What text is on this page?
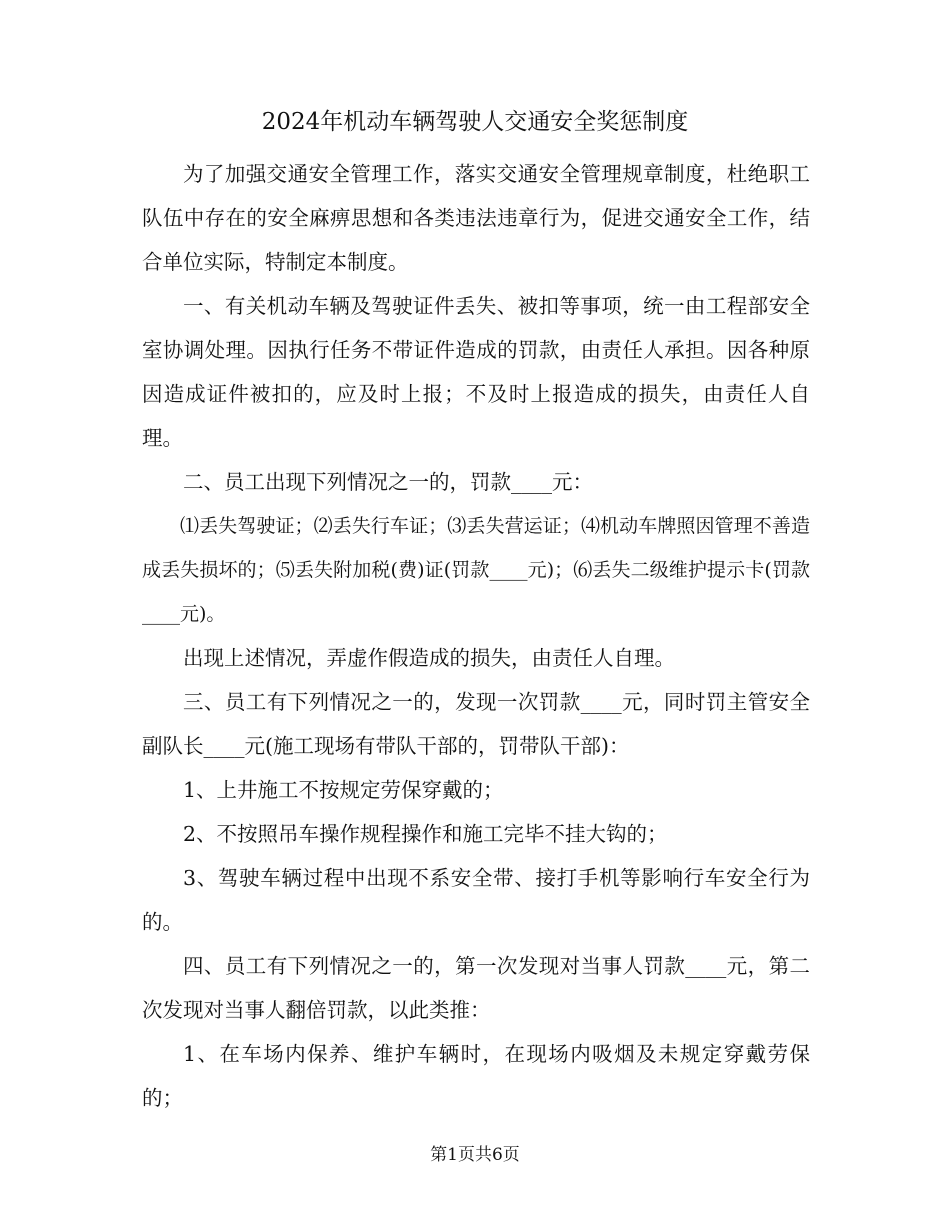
2024年机动车辆驾驶人交通安全奖惩制度

为了加强交通安全管理工作，落实交通安全管理规章制度，杜绝职工队伍中存在的安全麻痹思想和各类违法违章行为，促进交通安全工作，结合单位实际，特制定本制度。

一、有关机动车辆及驾驶证件丢失、被扣等事项，统一由工程部安全室协调处理。因执行任务不带证件造成的罚款，由责任人承担。因各种原因造成证件被扣的，应及时上报；不及时上报造成的损失，由责任人自理。

二、员工出现下列情况之一的，罚款____元：

⑴丢失驾驶证；⑵丢失行车证；⑶丢失营运证；⑷机动车牌照因管理不善造成丢失损坏的；⑸丢失附加税(费)证(罚款____元)；⑹丢失二级维护提示卡(罚款____元)。

出现上述情况，弄虚作假造成的损失，由责任人自理。

三、员工有下列情况之一的，发现一次罚款____元，同时罚主管安全副队长____元(施工现场有带队干部的，罚带队干部)：

1、上井施工不按规定劳保穿戴的；

2、不按照吊车操作规程操作和施工完毕不挂大钩的；

3、驾驶车辆过程中出现不系安全带、接打手机等影响行车安全行为的。

四、员工有下列情况之一的，第一次发现对当事人罚款____元，第二次发现对当事人翻倍罚款，以此类推：

1、在车场内保养、维护车辆时，在现场内吸烟及未规定穿戴劳保的；

第1页共6页
